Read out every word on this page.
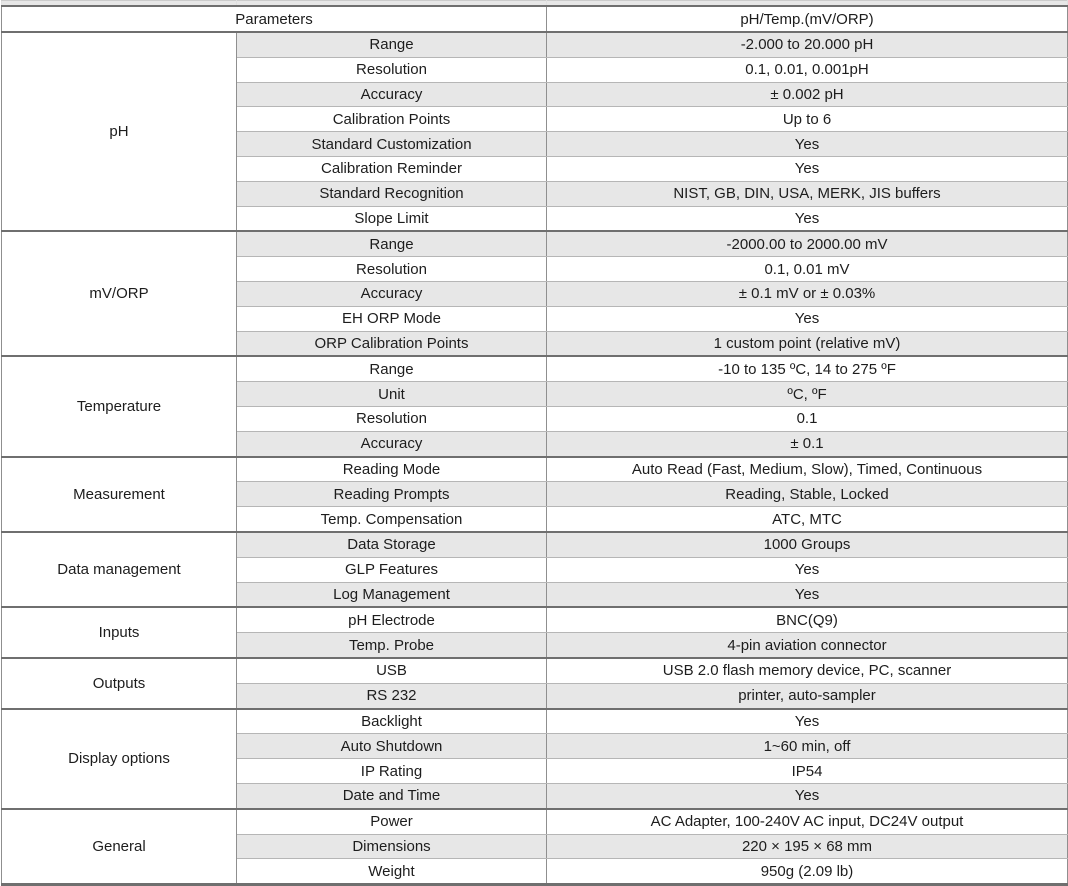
Parameters		pH/Temp.(mV/ORP)
pH	Range	-2.000 to 20.000 pH
	Resolution	0.1, 0.01, 0.001pH
	Accuracy	± 0.002 pH
	Calibration Points	Up to 6
	Standard Customization	Yes
	Calibration Reminder	Yes
	Standard Recognition	NIST, GB, DIN, USA, MERK, JIS buffers
	Slope Limit	Yes
mV/ORP	Range	-2000.00 to 2000.00 mV
	Resolution	0.1, 0.01 mV
	Accuracy	± 0.1 mV or ± 0.03%
	EH ORP Mode	Yes
	ORP Calibration Points	1 custom point (relative mV)
Temperature	Range	-10 to 135 ºC, 14 to 275 ºF
	Unit	ºC, ºF
	Resolution	0.1
	Accuracy	± 0.1
Measurement	Reading Mode	Auto Read (Fast, Medium, Slow), Timed, Continuous
	Reading Prompts	Reading, Stable, Locked
	Temp. Compensation	ATC, MTC
Data management	Data Storage	1000 Groups
	GLP Features	Yes
	Log Management	Yes
Inputs	pH Electrode	BNC(Q9)
	Temp. Probe	4-pin aviation connector
Outputs	USB	USB 2.0 flash memory device, PC, scanner
	RS 232	printer, auto-sampler
Display options	Backlight	Yes
	Auto Shutdown	1~60 min, off
	IP Rating	IP54
	Date and Time	Yes
General	Power	AC Adapter, 100-240V AC input, DC24V output
	Dimensions	220 × 195 × 68 mm
	Weight	950g (2.09 lb)
